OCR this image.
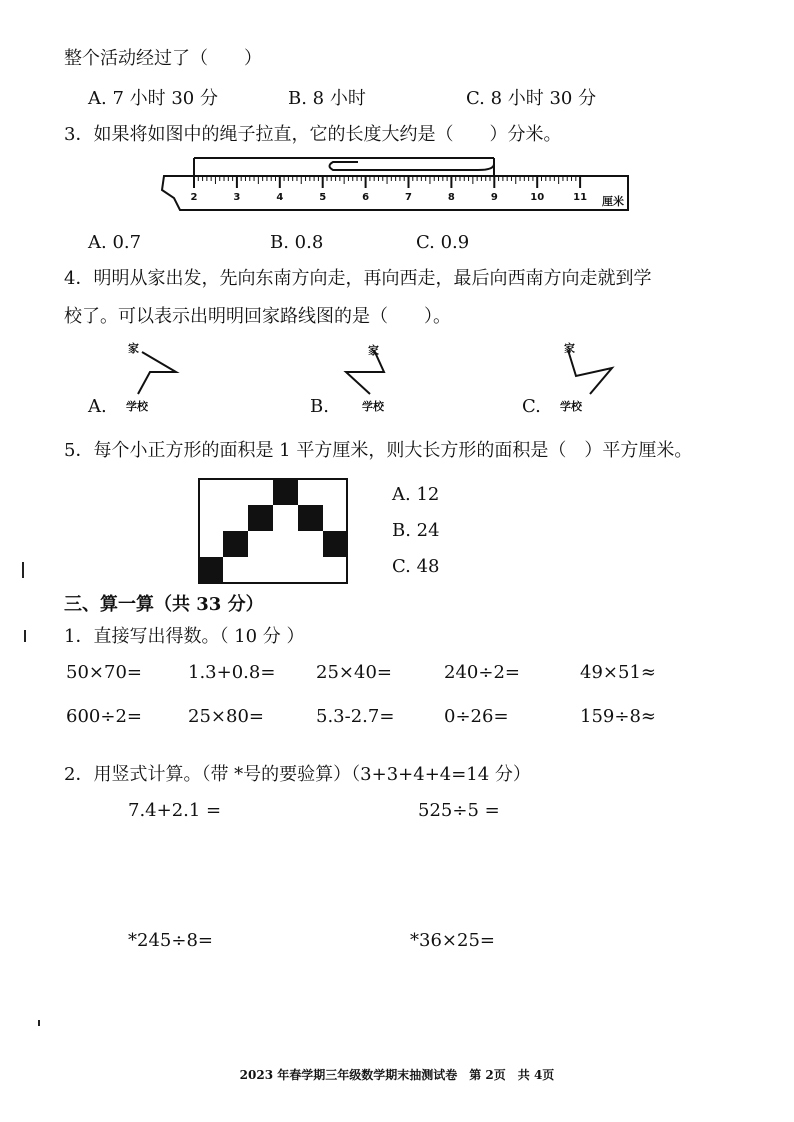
整个活动经过了（　　）
A. 7 小时 30 分	B. 8 小时	C. 8 小时 30 分
3．如果将如图中的绳子拉直，它的长度大约是（　　）分米。
2	3	4	5	6	7	8	9	10	11 厘米
A. 0.7	B. 0.8	C. 0.9
4．明明从家出发，先向东南方向走，再向西走，最后向西南方向走就到学
校了。可以表示出明明回家路线图的是（　　）。
A.
家
学校	B.
家
学校	C.
家
学校
5．每个小正方形的面积是 1 平方厘米，则大长方形的面积是（　）平方厘米。
A. 12
B. 24
C. 48
三、算一算（共 33 分）
1．直接写出得数。（ 10 分 ）
50×70=	1.3+0.8= 25×40=	240÷2=	49×51≈
600÷2=	25×80=	5.3-2.7=	0÷26=	159÷8≈
2．用竖式计算。（带 *号的要验算）（3+3+4+4=14 分）
7.4+2.1 =	525÷5 =
*245÷8=	*36×25=
2023 年春学期三年级数学期末抽测试卷　第 2页　共 4页
